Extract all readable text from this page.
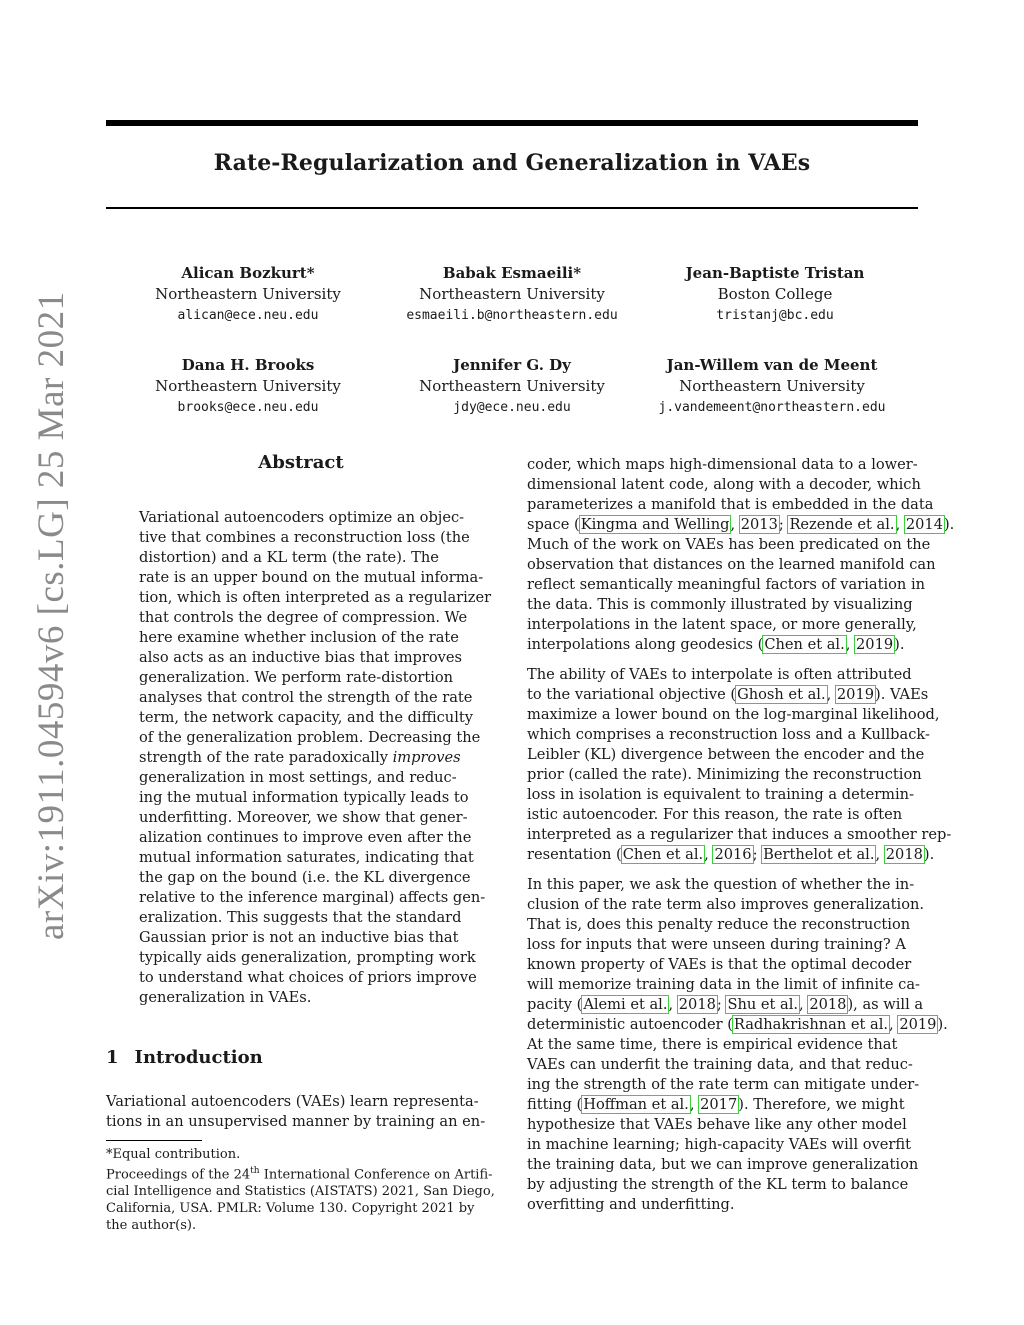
Rate-Regularization and Generalization in VAEs
arXiv:1911.04594v6 [cs.LG] 25 Mar 2021
Alican Bozkurt*
Northeastern University
alican@ece.neu.edu
Babak Esmaeili*
Northeastern University
esmaeili.b@northeastern.edu
Jean-Baptiste Tristan
Boston College
tristanj@bc.edu
Dana H. Brooks
Northeastern University
brooks@ece.neu.edu
Jennifer G. Dy
Northeastern University
jdy@ece.neu.edu
Jan-Willem van de Meent
Northeastern University
j.vandemeent@northeastern.edu
Abstract
Variational autoencoders optimize an objec-
tive that combines a reconstruction loss (the
distortion) and a KL term (the rate). The
rate is an upper bound on the mutual informa-
tion, which is often interpreted as a regularizer
that controls the degree of compression. We
here examine whether inclusion of the rate
also acts as an inductive bias that improves
generalization. We perform rate-distortion
analyses that control the strength of the rate
term, the network capacity, and the difficulty
of the generalization problem. Decreasing the
strength of the rate paradoxically improves
generalization in most settings, and reduc-
ing the mutual information typically leads to
underfitting. Moreover, we show that gener-
alization continues to improve even after the
mutual information saturates, indicating that
the gap on the bound (i.e. the KL divergence
relative to the inference marginal) affects gen-
eralization. This suggests that the standard
Gaussian prior is not an inductive bias that
typically aids generalization, prompting work
to understand what choices of priors improve
generalization in VAEs.
1 Introduction
Variational autoencoders (VAEs) learn representa-
tions in an unsupervised manner by training an en-
*Equal contribution.
Proceedings of the 24th International Conference on Artifi-
cial Intelligence and Statistics (AISTATS) 2021, San Diego,
California, USA. PMLR: Volume 130. Copyright 2021 by
the author(s).
coder, which maps high-dimensional data to a lower-
dimensional latent code, along with a decoder, which
parameterizes a manifold that is embedded in the data
space (Kingma and Welling, 2013; Rezende et al., 2014).
Much of the work on VAEs has been predicated on the
observation that distances on the learned manifold can
reflect semantically meaningful factors of variation in
the data. This is commonly illustrated by visualizing
interpolations in the latent space, or more generally,
interpolations along geodesics (Chen et al., 2019).
The ability of VAEs to interpolate is often attributed
to the variational objective (Ghosh et al., 2019). VAEs
maximize a lower bound on the log-marginal likelihood,
which comprises a reconstruction loss and a Kullback-
Leibler (KL) divergence between the encoder and the
prior (called the rate). Minimizing the reconstruction
loss in isolation is equivalent to training a determin-
istic autoencoder. For this reason, the rate is often
interpreted as a regularizer that induces a smoother rep-
resentation (Chen et al., 2016; Berthelot et al., 2018).
In this paper, we ask the question of whether the in-
clusion of the rate term also improves generalization.
That is, does this penalty reduce the reconstruction
loss for inputs that were unseen during training? A
known property of VAEs is that the optimal decoder
will memorize training data in the limit of infinite ca-
pacity (Alemi et al., 2018; Shu et al., 2018), as will a
deterministic autoencoder (Radhakrishnan et al., 2019).
At the same time, there is empirical evidence that
VAEs can underfit the training data, and that reduc-
ing the strength of the rate term can mitigate under-
fitting (Hoffman et al., 2017). Therefore, we might
hypothesize that VAEs behave like any other model
in machine learning; high-capacity VAEs will overfit
the training data, but we can improve generalization
by adjusting the strength of the KL term to balance
overfitting and underfitting.
